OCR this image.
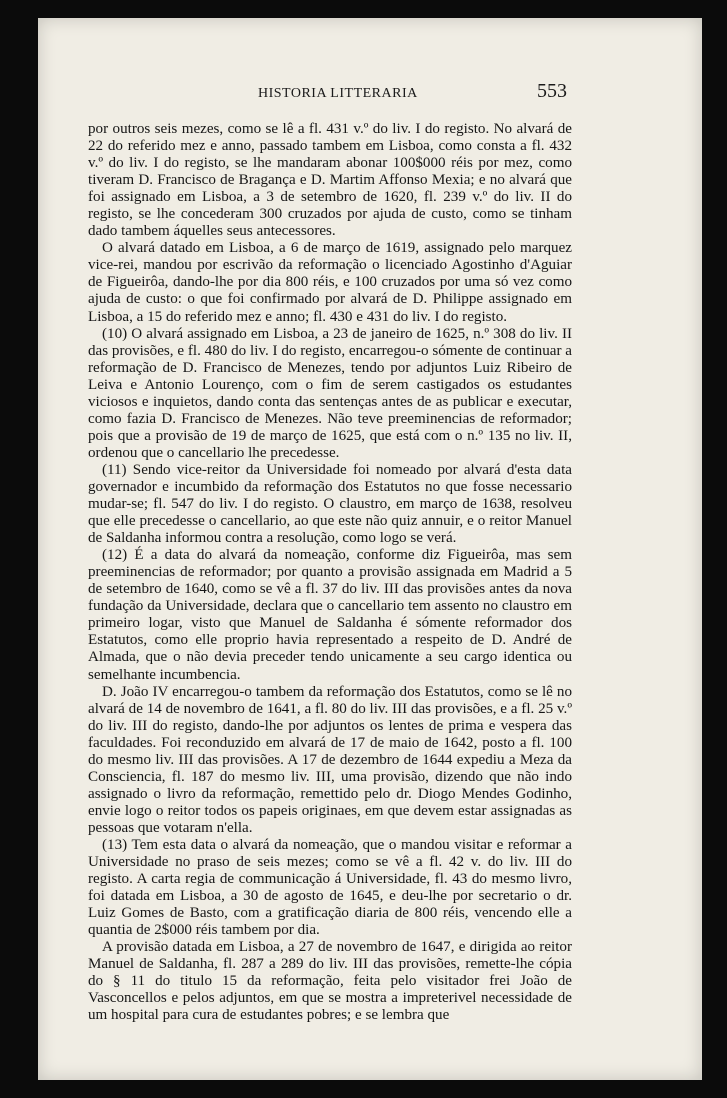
HISTORIA LITTERARIA	553

por outros seis mezes, como se lê a fl. 431 v.º do liv. I do registo. No alvará de 22 do referido mez e anno, passado tambem em Lisboa, como consta a fl. 432 v.º do liv. I do registo, se lhe mandaram abonar 100$000 réis por mez, como tiveram D. Francisco de Bragança e D. Martim Affonso Mexia; e no alvará que foi assignado em Lisboa, a 3 de setembro de 1620, fl. 239 v.º do liv. II do registo, se lhe concederam 300 cruzados por ajuda de custo, como se tinham dado tambem áquelles seus antecessores.

O alvará datado em Lisboa, a 6 de março de 1619, assignado pelo marquez vice-rei, mandou por escrivão da reformação o licenciado Agostinho d'Aguiar de Figueirôa, dando-lhe por dia 800 réis, e 100 cruzados por uma só vez como ajuda de custo: o que foi confirmado por alvará de D. Philippe assignado em Lisboa, a 15 do referido mez e anno; fl. 430 e 431 do liv. I do registo.

(10) O alvará assignado em Lisboa, a 23 de janeiro de 1625, n.º 308 do liv. II das provisões, e fl. 480 do liv. I do registo, encarregou-o sómente de continuar a reformação de D. Francisco de Menezes, tendo por adjuntos Luiz Ribeiro de Leiva e Antonio Lourenço, com o fim de serem castigados os estudantes viciosos e inquietos, dando conta das sentenças antes de as publicar e executar, como fazia D. Francisco de Menezes. Não teve preeminencias de reformador; pois que a provisão de 19 de março de 1625, que está com o n.º 135 no liv. II, ordenou que o cancellario lhe precedesse.

(11) Sendo vice-reitor da Universidade foi nomeado por alvará d'esta data governador e incumbido da reformação dos Estatutos no que fosse necessario mudar-se; fl. 547 do liv. I do registo. O claustro, em março de 1638, resolveu que elle precedesse o cancellario, ao que este não quiz annuir, e o reitor Manuel de Saldanha informou contra a resolução, como logo se verá.

(12) É a data do alvará da nomeação, conforme diz Figueirôa, mas sem preeminencias de reformador; por quanto a provisão assignada em Madrid a 5 de setembro de 1640, como se vê a fl. 37 do liv. III das provisões antes da nova fundação da Universidade, declara que o cancellario tem assento no claustro em primeiro logar, visto que Manuel de Saldanha é sómente reformador dos Estatutos, como elle proprio havia representado a respeito de D. André de Almada, que o não devia preceder tendo unicamente a seu cargo identica ou semelhante incumbencia.

D. João IV encarregou-o tambem da reformação dos Estatutos, como se lê no alvará de 14 de novembro de 1641, a fl. 80 do liv. III das provisões, e a fl. 25 v.º do liv. III do registo, dando-lhe por adjuntos os lentes de prima e vespera das faculdades. Foi reconduzido em alvará de 17 de maio de 1642, posto a fl. 100 do mesmo liv. III das provisões. A 17 de dezembro de 1644 expediu a Meza da Consciencia, fl. 187 do mesmo liv. III, uma provisão, dizendo que não indo assignado o livro da reformação, remettido pelo dr. Diogo Mendes Godinho, envie logo o reitor todos os papeis originaes, em que devem estar assignadas as pessoas que votaram n'ella.

(13) Tem esta data o alvará da nomeação, que o mandou visitar e reformar a Universidade no praso de seis mezes; como se vê a fl. 42 v. do liv. III do registo. A carta regia de communicação á Universidade, fl. 43 do mesmo livro, foi datada em Lisboa, a 30 de agosto de 1645, e deu-lhe por secretario o dr. Luiz Gomes de Basto, com a gratificação diaria de 800 réis, vencendo elle a quantia de 2$000 réis tambem por dia.

A provisão datada em Lisboa, a 27 de novembro de 1647, e dirigida ao reitor Manuel de Saldanha, fl. 287 a 289 do liv. III das provisões, remette-lhe cópia do § 11 do titulo 15 da reformação, feita pelo visitador frei João de Vasconcellos e pelos adjuntos, em que se mostra a impreterivel necessidade de um hospital para cura de estudantes pobres; e se lembra que
